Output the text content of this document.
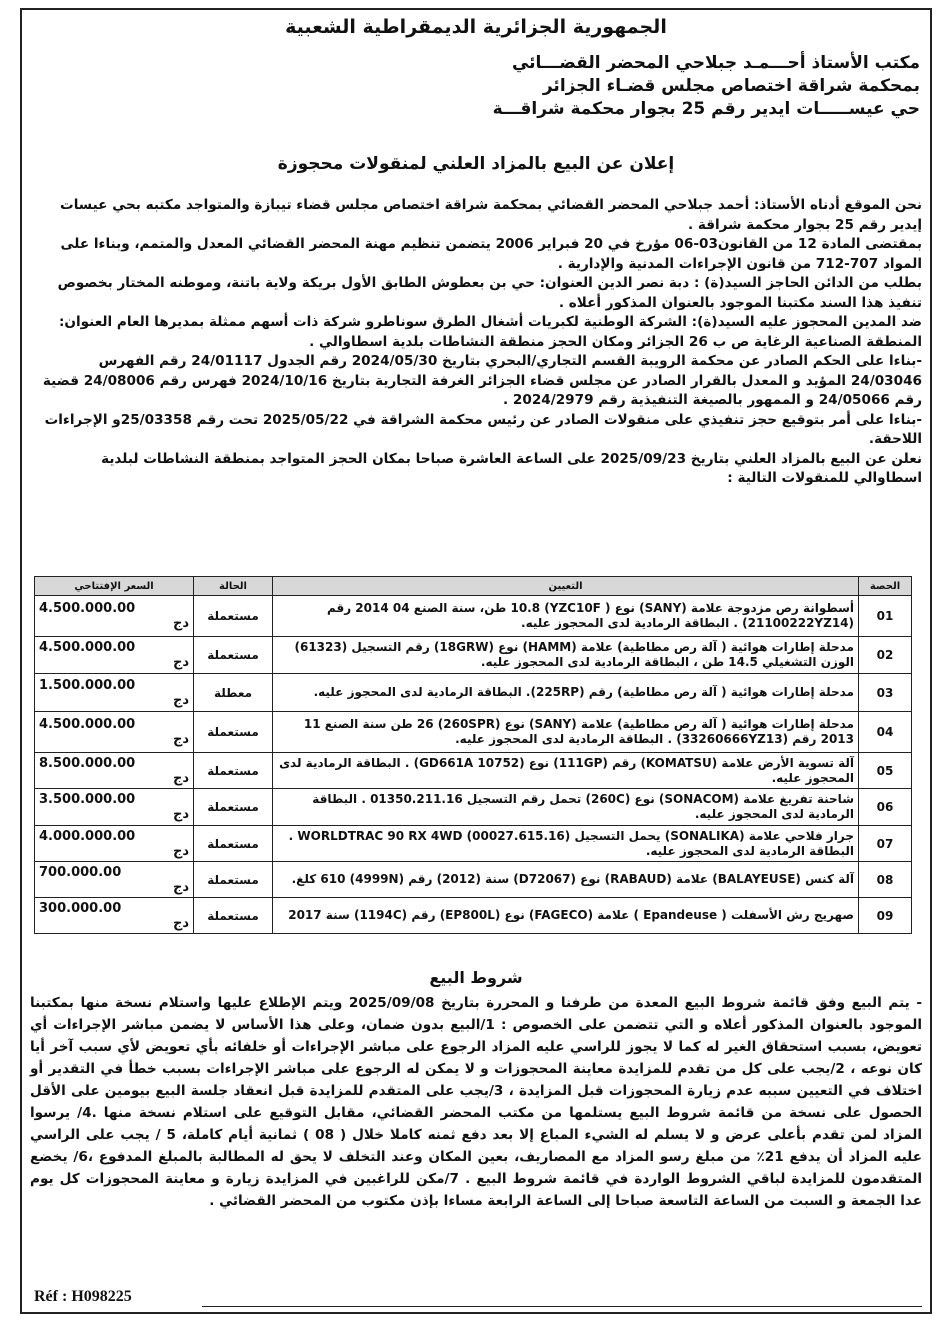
الجمهورية الجزائرية الديمقراطية الشعبية
مكتب الأستاذ أحـــمـد جبلاحي المحضر القضـــائي
بمحكمة شراقة اختصاص مجلس قضـاء الجزائر
حي عيســـــات ايدير رقم 25 بجوار محكمة شراقـــة
إعلان عن البيع بالمزاد العلني لمنقولات محجوزة

نحن الموقع أدناه الأستاذ: أحمد جبلاحي المحضر القضائي بمحكمة شراقة اختصاص مجلس قضاء تيبازة والمتواجد مكتبه بحي عيسات إيدير رقم 25 بجوار محكمة شراقة .

بمقتضى المادة 12 من القانون03-06 مؤرخ في 20 فبراير 2006 يتضمن تنظيم مهنة المحضر القضائي المعدل والمتمم، وبناءا على المواد 707-712 من قانون الإجراءات المدنية والإدارية .

بطلب من الدائن الحاجز السيد(ة) : دبة نصر الدين العنوان: حي بن بعطوش الطابق الأول بريكة ولاية باتنة، وموطنه المختار بخصوص تنفيذ هذا السند مكتبنا الموجود بالعنوان المذكور أعلاه .

ضد المدين المحجوز عليه السيد(ة): الشركة الوطنية لكبريات أشغال الطرق سوناطرو شركة ذات أسهم ممثلة بمديرها العام العنوان: المنطقة الصناعية الرغاية ص ب 26 الجزائر ومكان الحجز منطقة النشاطات بلدية اسطاوالي .

-بناءا على الحكم الصادر عن محكمة الرويبة القسم التجاري/البحري بتاريخ 2024/05/30 رقم الجدول 24/01117 رقم الفهرس 24/03046 المؤيد و المعدل بالقرار الصادر عن مجلس قضاء الجزائر الغرفة التجارية بتاريخ 2024/10/16 فهرس رقم 24/08006 قضية رقم 24/05066 و الممهور بالصيغة التنفيذية رقم 2024/2979 .

-بناءا على أمر بتوقيع حجز تنفيذي على منقولات الصادر عن رئيس محكمة الشراقة في 2025/05/22 تحت رقم 25/03358و الإجراءات اللاحقة.

نعلن عن البيع بالمزاد العلني بتاريخ 2025/09/23 على الساعة العاشرة صباحا بمكان الحجز المتواجد بمنطقة النشاطات لبلدية اسطاوالي للمنقولات التالية :

الحصة	التعيين	الحالة	السعر الإفتتاحي
01	أسطوانة رص مزدوجة علامة (SANY) نوع ( YZC10F) 10.8 طن، سنة الصنع 04 2014 رقم (21100222YZ14) . البطاقة الرمادية لدى المحجوز عليه.	مستعملة	4.500.000.00
دج

02	مدحلة إطارات هوائية ( آلة رص مطاطية) علامة (HAMM) نوع (18GRW) رقم التسجيل (61323) الوزن التشغيلي 14.5 طن ، البطاقة الرمادية لدى المحجوز عليه.	مستعملة	4.500.000.00
دج

03	مدحلة إطارات هوائية ( آلة رص مطاطية) رقم (225RP). البطاقة الرمادية لدى المحجوز عليه.	معطلة	1.500.000.00
دج

04	مدحلة إطارات هوائية ( آلة رص مطاطية) علامة (SANY) نوع (260SPR) 26 طن سنة الصنع 11 2013 رقم (33260666YZ13) . البطاقة الرمادية لدى المحجوز عليه.	مستعملة	4.500.000.00
دج

05	آلة تسوية الأرض علامة (KOMATSU) رقم (111GP) نوع (10752 GD661A) . البطاقة الرمادية لدى المحجوز عليه.	مستعملة	8.500.000.00
دج

06	شاحنة تفريغ علامة (SONACOM) نوع (260C) تحمل رقم التسجيل 01350.211.16 . البطاقة الرمادية لدى المحجوز عليه.	مستعملة	3.500.000.00
دج

07	جرار فلاحي علامة (SONALIKA) يحمل التسجيل (00027.615.16) WORLDTRAC 90 RX 4WD . البطاقة الرمادية لدى المحجوز عليه.	مستعملة	4.000.000.00
دج

08	آلة كنس (BALAYEUSE) علامة (RABAUD) نوع (D72067) سنة (2012) رقم (4999N) 610 كلغ.	مستعملة	700.000.00
دج

09	صهريج رش الأسفلت ( Epandeuse ) علامة (FAGECO) نوع (EP800L) رقم (1194C) سنة 2017	مستعملة	300.000.00
دج
شروط البيع
- يتم البيع وفق قائمة شروط البيع المعدة من طرفنا و المحررة بتاريخ 2025/09/08 ويتم الإطلاع عليها واستلام نسخة منها بمكتبنا الموجود بالعنوان المذكور أعلاه و التي تتضمن على الخصوص : 1/البيع بدون ضمان، وعلى هذا الأساس لا يضمن مباشر الإجراءات أي تعويض، بسبب استحقاق الغير له كما لا يجوز للراسي عليه المزاد الرجوع على مباشر الإجراءات أو خلفائه بأي تعويض لأي سبب آخر أيا كان نوعه ، 2/يجب على كل من تقدم للمزايدة معاينة المحجوزات و لا يمكن له الرجوع على مباشر الإجراءات بسبب خطأ في التقدير أو اختلاف في التعيين سببه عدم زيارة المحجوزات قبل المزايدة ، 3/يجب على المتقدم للمزايدة قبل انعقاد جلسة البيع بيومين على الأقل الحصول على نسخة من قائمة شروط البيع يستلمها من مكتب المحضر القضائي، مقابل التوقيع على استلام نسخة منها .4/ يرسوا المزاد لمن تقدم بأعلى عرض و لا يسلم له الشيء المباع إلا بعد دفع ثمنه كاملا خلال ( 08 ) ثمانية أيام كاملة، 5 / يجب على الراسي عليه المزاد أن يدفع 21٪ من مبلغ رسو المزاد مع المصاريف، بعين المكان وعند التخلف لا يحق له المطالبة بالمبلغ المدفوع ،6/ يخضع المتقدمون للمزايدة لباقي الشروط الواردة في قائمة شروط البيع . 7/مكن للراغبين في المزايدة زيارة و معاينة المحجوزات كل يوم عدا الجمعة و السبت من الساعة التاسعة صباحا إلى الساعة الرابعة مساءا بإذن مكتوب من المحضر القضائي .
Réf : H098225
